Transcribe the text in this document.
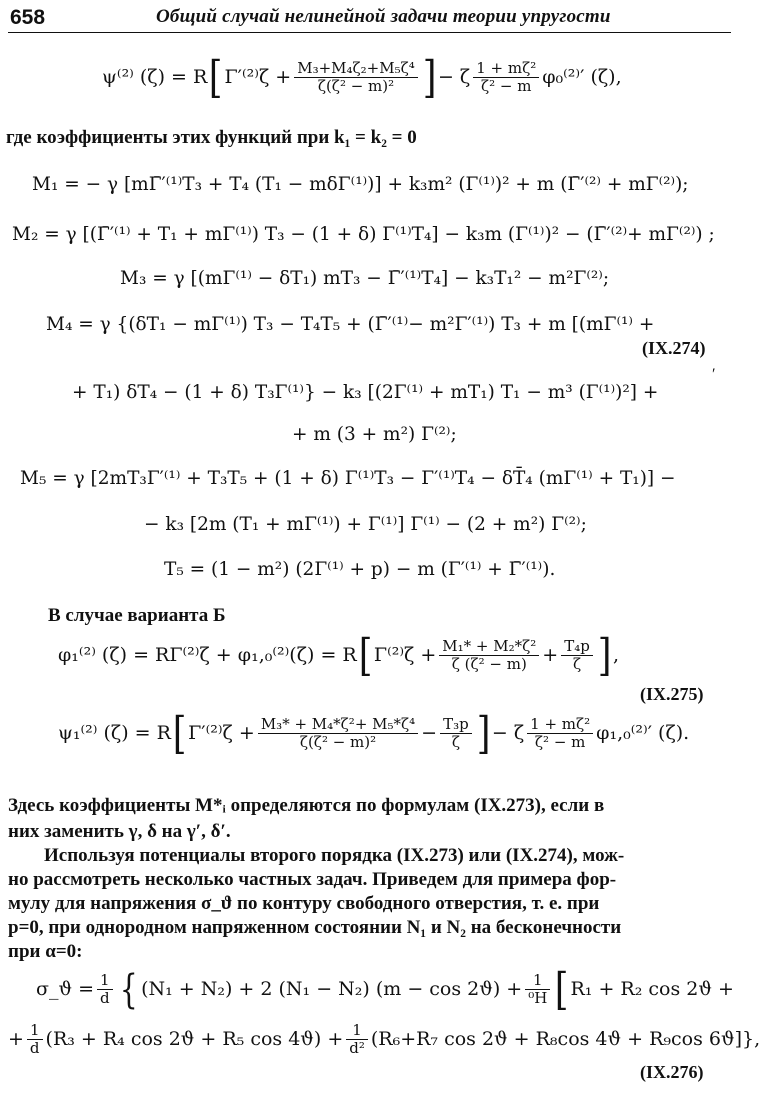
658	Общий случай нелинейной задачи теории упругости
ψ⁽²⁾ $(\zeta) = R[\Gamma'^{(2)}\zeta + \frac{\text{M₃+M₄ζ₂+M₅ζ⁴}}{\text{ζ(ζ² − m)²}}$ ]− ζ $\frac{\text{1 + mζ²}}{\text{ζ² − m}} \varphi_0^{(2)}'$ (ζ),
где коэффициенты этих функций при k₁ = k₂ = 0
M₁ = − γ [mΓ̄′⁽¹⁾T₃ + T₄ (T₁ − mδΓ⁽¹⁾)] + k₃m² (Γ⁽¹⁾)² + m (Γ̄′⁽²⁾ + mΓ⁽²⁾);
M₂ = γ [(Γ̄′⁽¹⁾ + T₁ + mΓ⁽¹⁾) T₃ − (1 + δ) Γ⁽¹⁾T₄] − k₃m (Γ⁽¹⁾)² − (Γ̄′⁽²⁾+ mΓ⁽²⁾) ;
M₃ = γ [(mΓ⁽¹⁾ − δT₁) mT₃ − Γ̄′⁽¹⁾T₄] − k₃T₁² − m²Γ⁽²⁾;
M₄ = γ {(δT₁ − mΓ⁽¹⁾) T₃ − T₄T₅ + (Γ̄′⁽¹⁾− m²Γ′⁽¹⁾) T₃ + m [(mΓ⁽¹⁾ +
(IX.274)
′
+ T₁) δT₄ − (1 + δ) T₃Γ⁽¹⁾} − k₃ [(2Γ⁽¹⁾ + mT₁) T₁ − m³ (Γ⁽¹⁾)²] +
+ m (3 + m²) Γ⁽²⁾;
M₅ = γ [2mT₃Γ′⁽¹⁾ + T₃T₅ + (1 + δ) Γ⁽¹⁾T₃ − Γ′⁽¹⁾T₄ − δT̄₄ (mΓ⁽¹⁾ + T₁)] −
− k₃ [2m (T₁ + mΓ⁽¹⁾) + Γ⁽¹⁾] Γ⁽¹⁾ − (2 + m²) Γ⁽²⁾;
T₅ = (1 − m²) (2Γ⁽¹⁾ + p) − m (Γ′⁽¹⁾ + Γ̄′⁽¹⁾).
В случае варианта Б
φ₁⁽²⁾ $(\zeta) = R\Gamma^{(2)}\zeta + \varphi_1,_0^{(2)}(\zeta) = R[\Gamma^{(2)}\zeta + \frac{\text{M₁* + M₂*ζ²}}{\text{ζ (ζ² − m)}} + \frac{\text{T₄p}}{\zeta}$ ],
(IX.275)
ψ₁⁽²⁾ $(\zeta) = R[\Gamma'^{(2)}\zeta + \frac{\text{M₃* + M₄*ζ²+ M₅*ζ⁴}}{\text{ζ(ζ² − m)²}} - \frac{\text{T₃p}}{\zeta}$ ]− ζ $\frac{\text{1 + mζ²}}{\text{ζ² − m}} \varphi_1,_0^{(2)}'$ (ζ).
Здесь коэффициенты M*ᵢ определяются по формулам (IX.273), если в
них заменить γ, δ на γ′, δ′.
Используя потенциалы второго порядка (IX.273) или (IX.274), мож-
но рассмотреть несколько частных задач. Приведем для примера фор-
мулу для напряжения σ_ϑ по контуру свободного отверстия, т. е. при
p=0, при однородном напряженном состоянии N₁ и N₂ на бесконечности
при α=0:
σ_ϑ = $\frac{1}{d}$ { (N₁ + N₂) + 2 (N₁ − N₂) $(m - \cos 2ϑ) + \frac{1}{\text{⁰H}} [R_1 + R_2$ cos 2ϑ +
+ $\frac{1}{d} (R_3 + R_4$ cos 2ϑ + R₅ $\cos 4ϑ) + \frac{1}{\text{d²}} (R_6+R_7$ cos 2ϑ + R₈cos 4ϑ + R₉cos 6ϑ]},
(IX.276)
